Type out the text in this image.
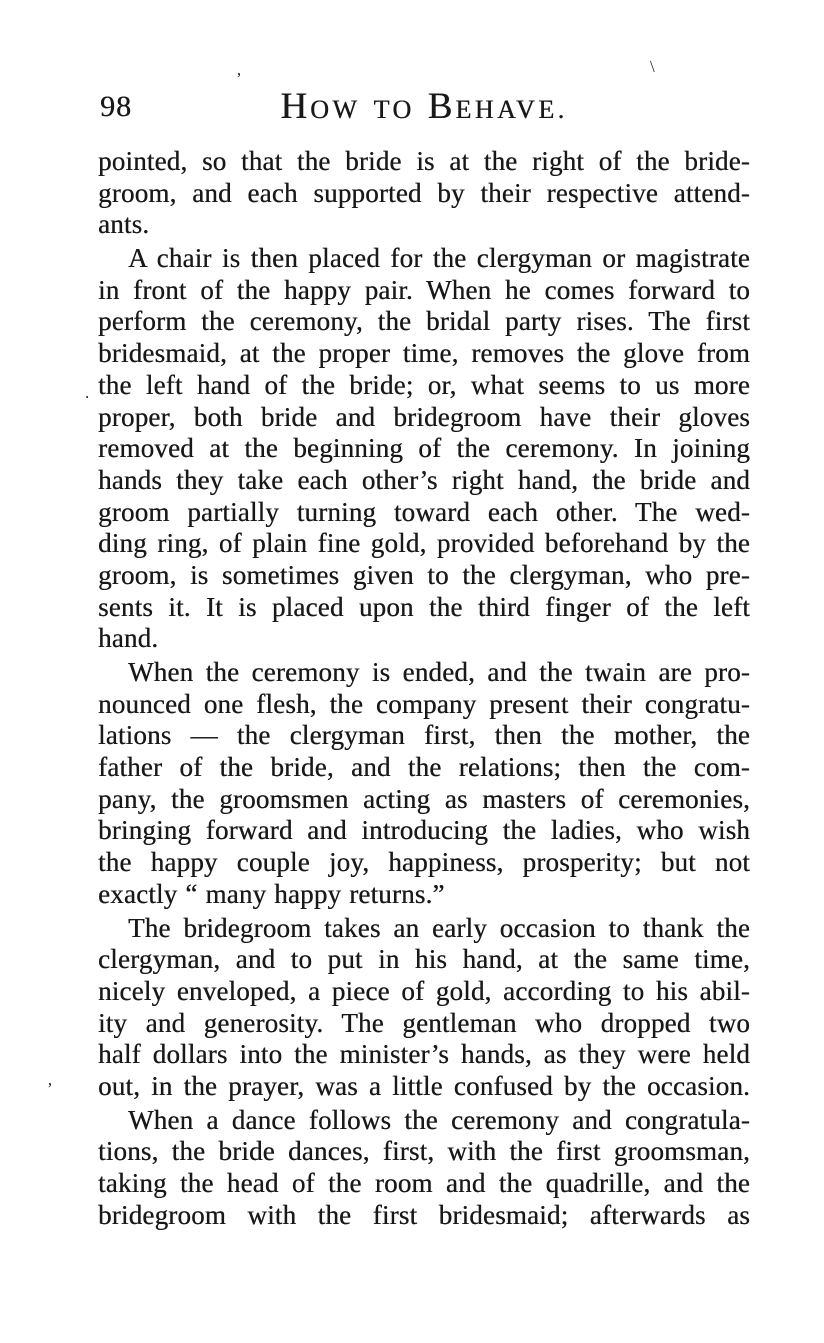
98	HOW TO BEHAVE.
pointed, so that the bride is at the right of the bride-
groom, and each supported by their respective attend-
ants.
A chair is then placed for the clergyman or magistrate
in front of the happy pair. When he comes forward to
perform the ceremony, the bridal party rises. The first
bridesmaid, at the proper time, removes the glove from
the left hand of the bride; or, what seems to us more
proper, both bride and bridegroom have their gloves
removed at the beginning of the ceremony. In joining
hands they take each other’s right hand, the bride and
groom partially turning toward each other. The wed-
ding ring, of plain fine gold, provided beforehand by the
groom, is sometimes given to the clergyman, who pre-
sents it. It is placed upon the third finger of the left
hand.
When the ceremony is ended, and the twain are pro-
nounced one flesh, the company present their congratu-
lations — the clergyman first, then the mother, the
father of the bride, and the relations; then the com-
pany, the groomsmen acting as masters of ceremonies,
bringing forward and introducing the ladies, who wish
the happy couple joy, happiness, prosperity; but not
exactly “ many happy returns.”
The bridegroom takes an early occasion to thank the
clergyman, and to put in his hand, at the same time,
nicely enveloped, a piece of gold, according to his abil-
ity and generosity. The gentleman who dropped two
half dollars into the minister’s hands, as they were held
out, in the prayer, was a little confused by the occasion.
When a dance follows the ceremony and congratula-
tions, the bride dances, first, with the first groomsman,
taking the head of the room and the quadrille, and the
bridegroom with the first bridesmaid; afterwards as
’
\
.
’
